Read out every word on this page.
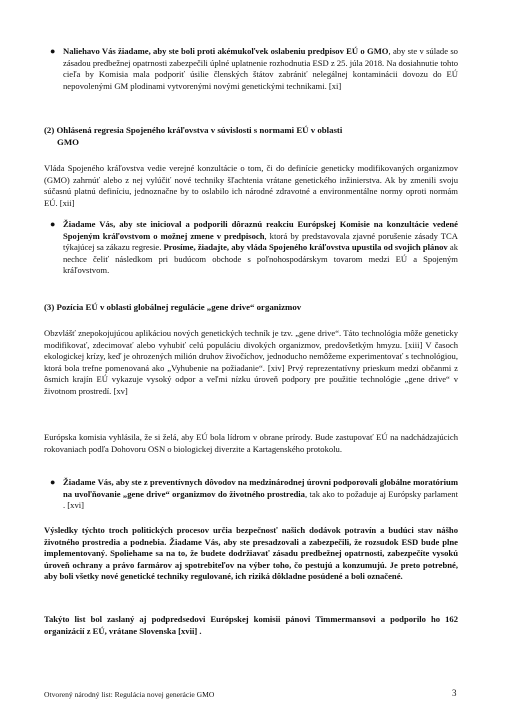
● Naliehavo Vás žiadame, aby ste boli proti akémukoľvek oslabeniu predpisov EÚ o GMO, aby ste v súlade so zásadou predbežnej opatrnosti zabezpečili úplné uplatnenie rozhodnutia ESD z 25. júla 2018. Na dosiahnutie tohto cieľa by Komisia mala podporiť úsilie členských štátov zabrániť nelegálnej kontaminácii dovozu do EÚ nepovolenými GM plodinami vytvorenými novými genetickými technikami. [xi]

(2) Ohlásená regresia Spojeného kráľovstva v súvislosti s normami EÚ v oblasti
GMO

Vláda Spojeného kráľovstva vedie verejné konzultácie o tom, či do definície geneticky modifikovaných organizmov (GMO) zahrnúť alebo z nej vylúčiť nové techniky šľachtenia vrátane genetického inžinierstva. Ak by zmenili svoju súčasnú platnú definíciu, jednoznačne by to oslabilo ich národné zdravotné a environmentálne normy oproti normám EÚ. [xii]

● Žiadame Vás, aby ste inicioval a podporili dôraznú reakciu Európskej Komisie na konzultácie vedené Spojeným kráľovstvom o možnej zmene v predpisoch, ktorá by predstavovala zjavné porušenie zásady TCA týkajúcej sa zákazu regresie. Prosíme, žiadajte, aby vláda Spojeného kráľovstva upustila od svojich plánov ak nechce čeliť následkom pri budúcom obchode s poľnohospodárskym tovarom medzi EÚ a Spojeným kráľovstvom.

(3) Pozícia EÚ v oblasti globálnej regulácie „gene drive“ organizmov

Obzvlášť znepokojujúcou aplikáciou nových genetických techník je tzv. „gene drive“. Táto technológia môže geneticky modifikovať, zdecimovať alebo vyhubiť celú populáciu divokých organizmov, predovšetkým hmyzu. [xiii] V časoch ekologickej krízy, keď je ohrozených milión druhov živočíchov, jednoducho nemôžeme experimentovať s technológiou, ktorá bola trefne pomenovaná ako „Vyhubenie na požiadanie“. [xiv] Prvý reprezentatívny prieskum medzi občanmi z ôsmich krajín EÚ vykazuje vysoký odpor a veľmi nízku úroveň podpory pre použitie technológie „gene drive“ v životnom prostredí. [xv]

Európska komisia vyhlásila, že si želá, aby EÚ bola lídrom v obrane prírody. Bude zastupovať EÚ na nadchádzajúcich rokovaniach podľa Dohovoru OSN o biologickej diverzite a Kartagenského protokolu.

● Žiadame Vás, aby ste z preventívnych dôvodov na medzinárodnej úrovni podporovali globálne moratórium na uvoľňovanie „gene drive“ organizmov do životného prostredia, tak ako to požaduje aj Európsky parlament . [xvi]

Výsledky týchto troch politických procesov určia bezpečnosť našich dodávok potravín a budúci stav nášho životného prostredia a podnebia. Žiadame Vás, aby ste presadzovali a zabezpečili, že rozsudok ESD bude plne implementovaný. Spoliehame sa na to, že budete dodržiavať zásadu predbežnej opatrnosti, zabezpečíte vysokú úroveň ochrany a právo farmárov aj spotrebiteľov na výber toho, čo pestujú a konzumujú. Je preto potrebné, aby boli všetky nové genetické techniky regulované, ich riziká dôkladne posúdené a boli označené.

Takýto list bol zaslaný aj podpredsedovi Európskej komisii pánovi Timmermansovi a podporilo ho 162 organizácií z EÚ, vrátane Slovenska [xvii] .

Otvorený národný list: Regulácia novej generácie GMO	3
